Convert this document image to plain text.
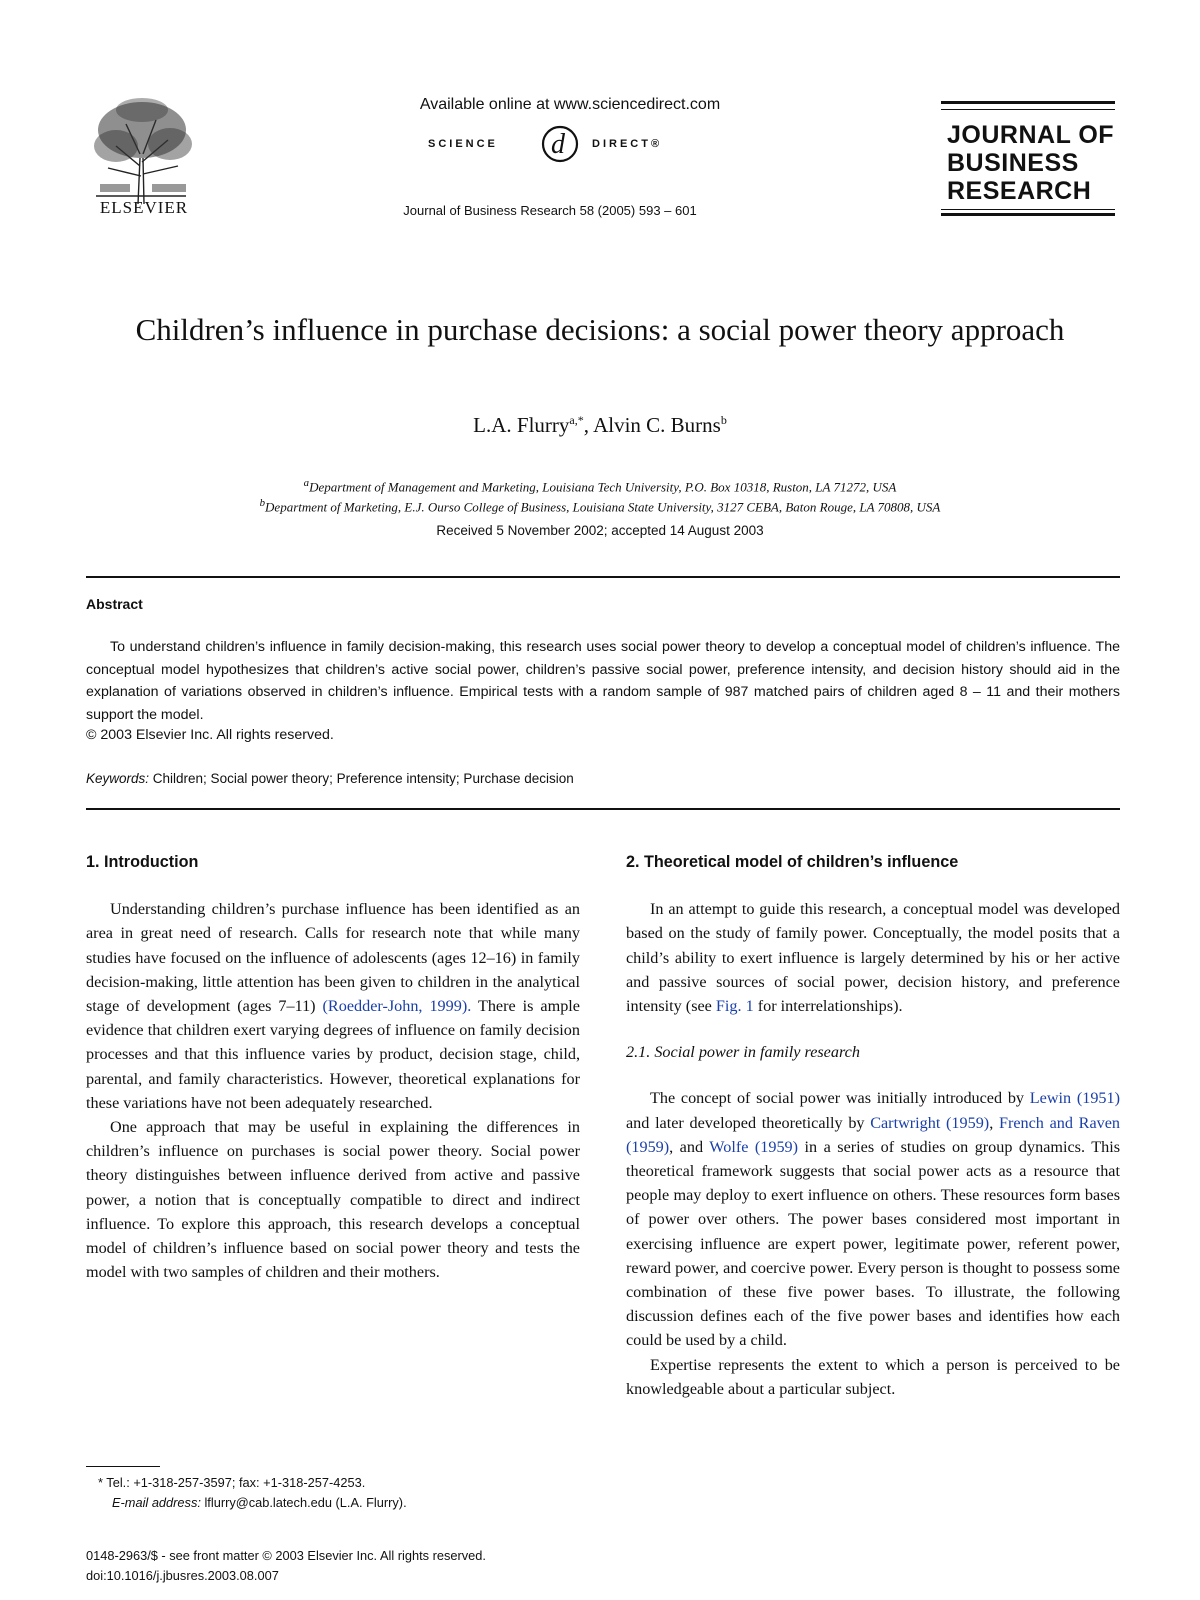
ELSEVIER
Available online at www.sciencedirect.com
SCIENCE d DIRECT®
Journal of Business Research 58 (2005) 593 – 601
JOURNAL OF
BUSINESS
RESEARCH
Children’s influence in purchase decisions: a social power theory approach
L.A. Flurry$^{a,*}$, Alvin C. Burns$^b$
$^a$Department of Management and Marketing, Louisiana Tech University, P.O. Box 10318, Ruston, LA 71272, USA
$^b$Department of Marketing, E.J. Ourso College of Business, Louisiana State University, 3127 CEBA, Baton Rouge, LA 70808, USA
Received 5 November 2002; accepted 14 August 2003
Abstract
To understand children’s influence in family decision-making, this research uses social power theory to develop a conceptual model of children’s influence. The conceptual model hypothesizes that children’s active social power, children’s passive social power, preference intensity, and decision history should aid in the explanation of variations observed in children’s influence. Empirical tests with a random sample of 987 matched pairs of children aged 8 – 11 and their mothers support the model.
© 2003 Elsevier Inc. All rights reserved.
Keywords: Children; Social power theory; Preference intensity; Purchase decision
1. Introduction

Understanding children’s purchase influence has been identified as an area in great need of research. Calls for research note that while many studies have focused on the influence of adolescents (ages 12–16) in family decision-making, little attention has been given to children in the analytical stage of development (ages 7–11) (Roedder-John, 1999). There is ample evidence that children exert varying degrees of influence on family decision processes and that this influence varies by product, decision stage, child, parental, and family characteristics. However, theoretical explanations for these variations have not been adequately researched.

One approach that may be useful in explaining the differences in children’s influence on purchases is social power theory. Social power theory distinguishes between influence derived from active and passive power, a notion that is conceptually compatible to direct and indirect influence. To explore this approach, this research develops a conceptual model of children’s influence based on social power theory and tests the model with two samples of children and their mothers.

2. Theoretical model of children’s influence

In an attempt to guide this research, a conceptual model was developed based on the study of family power. Conceptually, the model posits that a child’s ability to exert influence is largely determined by his or her active and passive sources of social power, decision history, and preference intensity (see Fig. 1 for interrelationships).

2.1. Social power in family research

The concept of social power was initially introduced by Lewin (1951) and later developed theoretically by Cartwright (1959), French and Raven (1959), and Wolfe (1959) in a series of studies on group dynamics. This theoretical framework suggests that social power acts as a resource that people may deploy to exert influence on others. These resources form bases of power over others. The power bases considered most important in exercising influence are expert power, legitimate power, referent power, reward power, and coercive power. Every person is thought to possess some combination of these five power bases. To illustrate, the following discussion defines each of the five power bases and identifies how each could be used by a child.

Expertise represents the extent to which a person is perceived to be knowledgeable about a particular subject.

* Tel.: +1-318-257-3597; fax: +1-318-257-4253.
E-mail address: lflurry@cab.latech.edu (L.A. Flurry).
0148-2963/$ - see front matter © 2003 Elsevier Inc. All rights reserved.
doi:10.1016/j.jbusres.2003.08.007
